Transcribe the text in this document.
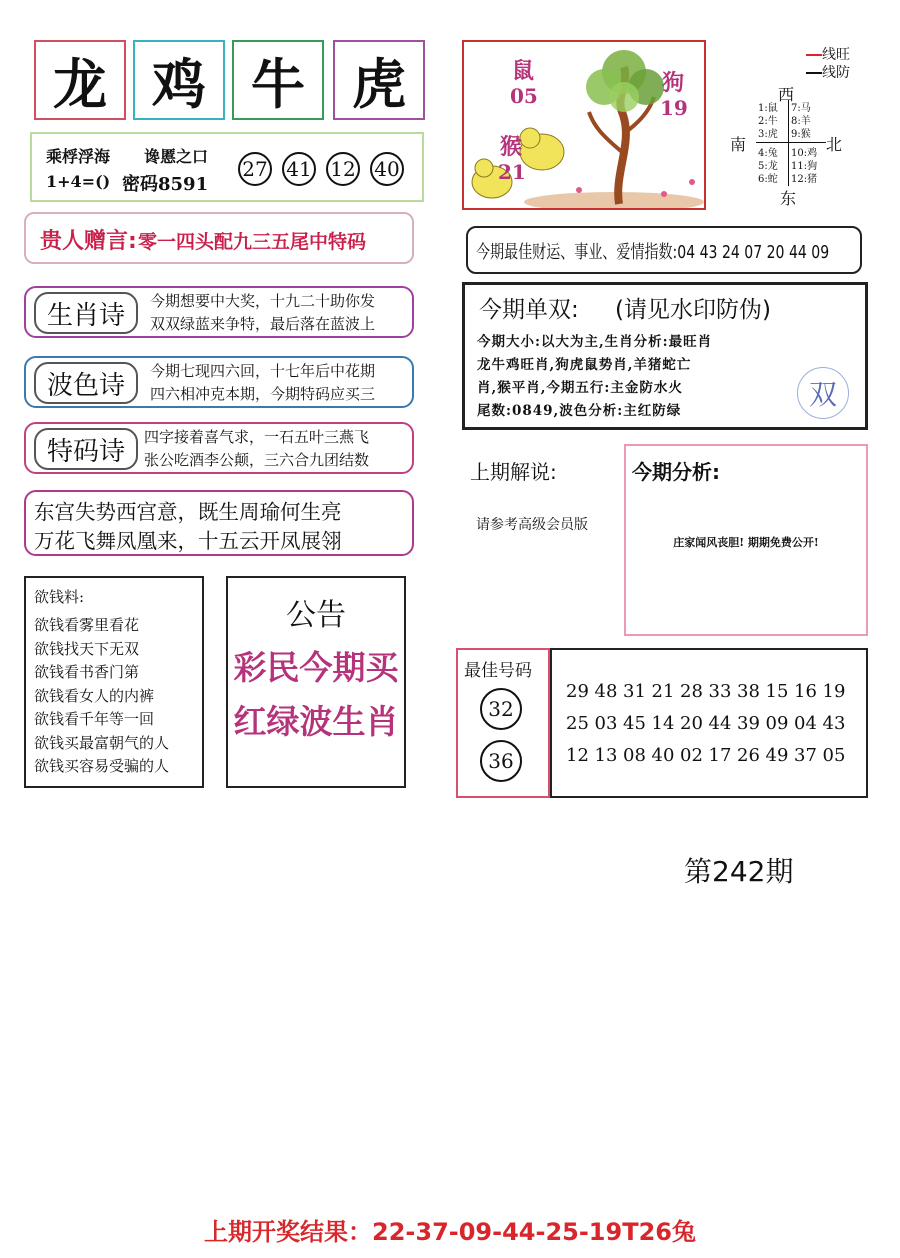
龙 鸡 牛 虎
乘桴浮海 谗慝之口
1+4=() 密码8591
27 41 12 40
贵人赠言: 零一四头配九三五尾中特码
生肖诗	今期想要中大奖，十九二十助你发
双双绿蓝来争特，最后落在蓝波上
波色诗	今期七现四六回，十七年后中花期
四六相冲克本期，今期特码应买三
特码诗	四字接着喜气求，一石五叶三燕飞
张公吃酒李公颠，三六合九团结数
东宫失势西宫意，既生周瑜何生亮
万花飞舞凤凰来，十五云开凤展翎
欲钱料:
欲钱看雾里看花
欲钱找天下无双
欲钱看书香门第
欲钱看女人的内裤
欲钱看千年等一回
欲钱买最富朝气的人
欲钱买容易受骗的人
公告
彩民今期买
红绿波生肖
鼠
05	狗
19
猴
21
线旺
线防
西
南	北
东
1:鼠
2:牛
3:虎
4:兔
5:龙
6:蛇
7:马
8:羊
9:猴
10:鸡
11:狗
12:猪
今期最佳财运、事业、爱情指数:04 43 24 07 20 44 09
今期单双: (请见水印防伪)
今期大小:以大为主,生肖分析:最旺肖
龙牛鸡旺肖,狗虎鼠势肖,羊猪蛇亡
肖,猴平肖,今期五行:主金防水火
尾数:0849,波色分析:主红防绿	双
上期解说:
请参考高级会员版
今期分析:
庄家闻风丧胆! 期期免费公开!
最佳号码
32
36
29 48 31 21 28 33 38 15 16 19
25 03 45 14 20 44 39 09 04 43
12 13 08 40 02 17 26 49 37 05
第242期
上期开奖结果：22-37-09-44-25-19T26兔
